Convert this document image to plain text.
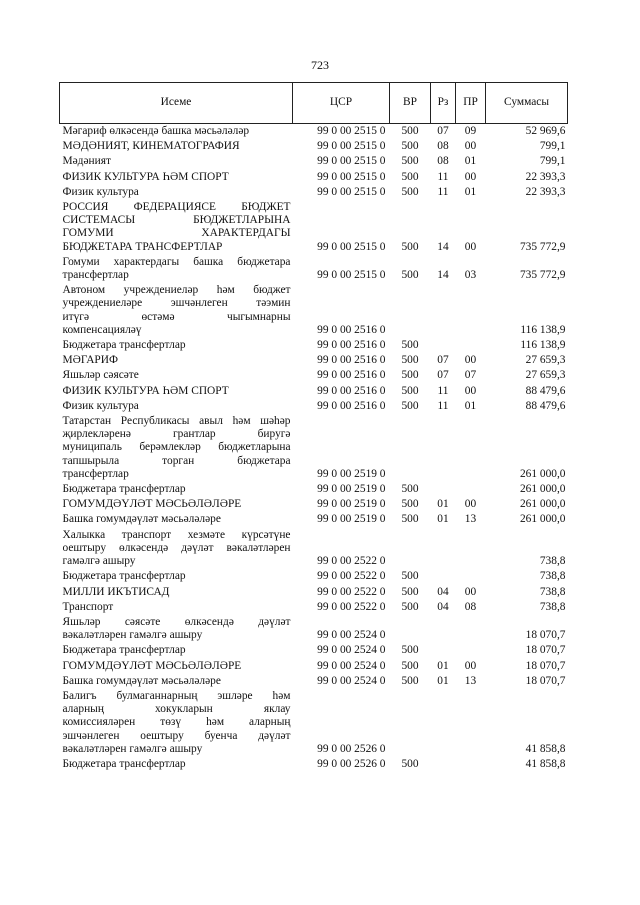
723
Исеме	ЦСР	ВР	Рз	ПР	Суммасы

Мәгариф өлкәсендә башка мәсьәләләр	99 0 00 2515 0	500	07	09	52 969,6

МӘДӘНИЯТ, КИНЕМАТОГРАФИЯ	99 0 00 2515 0	500	08	00	799,1

Мәдәният	99 0 00 2515 0	500	08	01	799,1

ФИЗИК КУЛЬТУРА ҺӘМ СПОРТ	99 0 00 2515 0	500	11	00	22 393,3

Физик культура	99 0 00 2515 0	500	11	01	22 393,3

РОССИЯ ФЕДЕРАЦИЯСЕ БЮДЖЕТ
СИСТЕМАСЫ БЮДЖЕТЛАРЫНА
ГОМУМИ ХАРАКТЕРДАГЫ
БЮДЖЕТАРА ТРАНСФЕРТЛАР	99 0 00 2515 0	500	14	00	735 772,9

Гомуми характердагы башка бюджетара
трансфертлар	99 0 00 2515 0	500	14	03	735 772,9

Автоном учреждениеләр һәм бюджет
учреждениеләре эшчәнлеген тәэмин
итүгә өстәмә чыгымнарны
компенсацияләү	99 0 00 2516 0				116 138,9

Бюджетара трансфертлар	99 0 00 2516 0	500			116 138,9

МӘГАРИФ	99 0 00 2516 0	500	07	00	27 659,3

Яшьләр сәясәте	99 0 00 2516 0	500	07	07	27 659,3

ФИЗИК КУЛЬТУРА ҺӘМ СПОРТ	99 0 00 2516 0	500	11	00	88 479,6

Физик культура	99 0 00 2516 0	500	11	01	88 479,6

Татарстан Республикасы авыл һәм шәһәр
җирлекләренә грантлар биругә
муниципаль берәмлекләр бюджетларына
тапшырыла торган бюджетара
трансфертлар	99 0 00 2519 0				261 000,0

Бюджетара трансфертлар	99 0 00 2519 0	500			261 000,0

ГОМУМДӘҮЛӘТ МӘСЬӘЛӘЛӘРЕ	99 0 00 2519 0	500	01	00	261 000,0

Башка гомумдәүләт мәсьәләләре	99 0 00 2519 0	500	01	13	261 000,0

Халыкка транспорт хезмәте күрсәтүне
оештыру өлкәсендә дәүләт вәкаләтләрен
гамәлгә ашыру	99 0 00 2522 0				738,8

Бюджетара трансфертлар	99 0 00 2522 0	500			738,8

МИЛЛИ ИКЪТИСАД	99 0 00 2522 0	500	04	00	738,8

Транспорт	99 0 00 2522 0	500	04	08	738,8

Яшьләр сәясәте өлкәсендә дәүләт
вәкаләтләрен гамәлгә ашыру	99 0 00 2524 0				18 070,7

Бюджетара трансфертлар	99 0 00 2524 0	500			18 070,7

ГОМУМДӘҮЛӘТ МӘСЬӘЛӘЛӘРЕ	99 0 00 2524 0	500	01	00	18 070,7

Башка гомумдәүләт мәсьәләләре	99 0 00 2524 0	500	01	13	18 070,7

Балигъ булмаганнарның эшләре һәм
аларның хокукларын яклау
комиссияләрен төзү һәм аларның
эшчәнлеген оештыру буенча дәүләт
вәкаләтләрен гамәлгә ашыру	99 0 00 2526 0				41 858,8

Бюджетара трансфертлар	99 0 00 2526 0	500			41 858,8
